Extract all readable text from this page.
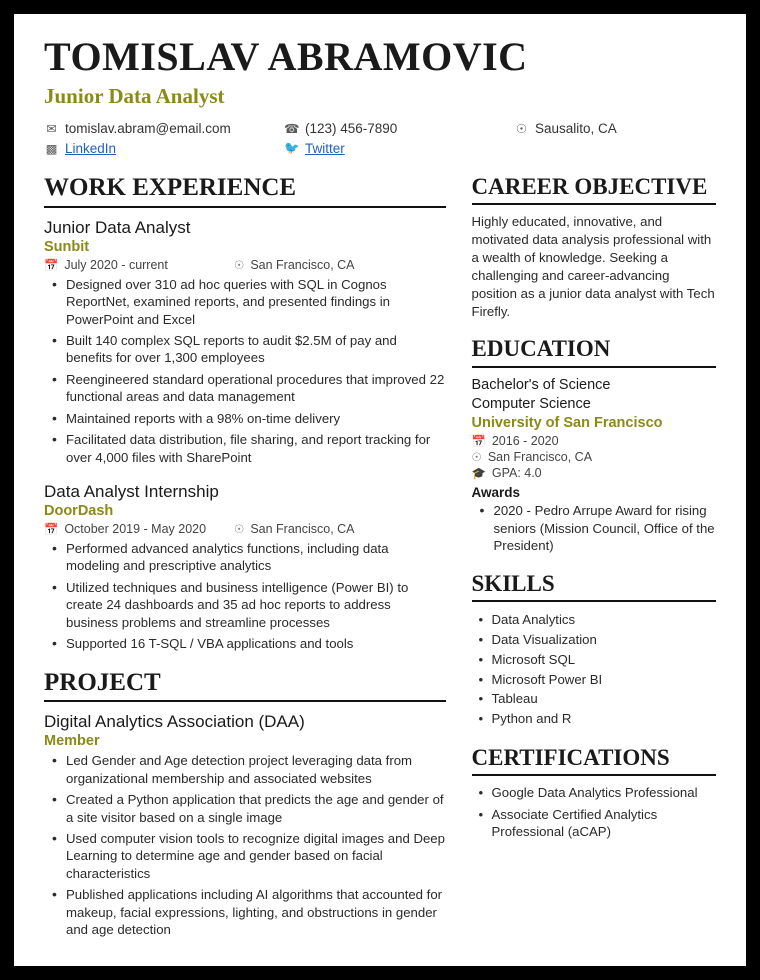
TOMISLAV ABRAMOVIC
Junior Data Analyst
✉ tomislav.abram@email.com	☎ (123) 456-7890	☉ Sausalito, CA
▩ LinkedIn	🐦 Twitter
WORK EXPERIENCE
Junior Data Analyst
Sunbit
📅 July 2020 - current	☉ San Francisco, CA
• Designed over 310 ad hoc queries with SQL in Cognos ReportNet, examined reports, and presented findings in PowerPoint and Excel
• Built 140 complex SQL reports to audit $2.5M of pay and benefits for over 1,300 employees
• Reengineered standard operational procedures that improved 22 functional areas and data management
• Maintained reports with a 98% on-time delivery
• Facilitated data distribution, file sharing, and report tracking for over 4,000 files with SharePoint
Data Analyst Internship
DoorDash
📅 October 2019 - May 2020 ☉ San Francisco, CA
• Performed advanced analytics functions, including data modeling and prescriptive analytics
• Utilized techniques and business intelligence (Power BI) to create 24 dashboards and 35 ad hoc reports to address business problems and streamline processes
• Supported 16 T-SQL / VBA applications and tools
PROJECT
Digital Analytics Association (DAA)
Member
• Led Gender and Age detection project leveraging data from organizational membership and associated websites
• Created a Python application that predicts the age and gender of a site visitor based on a single image
• Used computer vision tools to recognize digital images and Deep Learning to determine age and gender based on facial characteristics
• Published applications including AI algorithms that accounted for makeup, facial expressions, lighting, and obstructions in gender and age detection
CAREER OBJECTIVE
Highly educated, innovative, and motivated data analysis professional with a wealth of knowledge. Seeking a challenging and career-advancing position as a junior data analyst with Tech Firefly.
EDUCATION
Bachelor's of Science
Computer Science
University of San Francisco
📅 2016 - 2020
☉ San Francisco, CA
🎓 GPA: 4.0
Awards
• 2020 - Pedro Arrupe Award for rising seniors (Mission Council, Office of the President)
SKILLS
• Data Analytics
• Data Visualization
• Microsoft SQL
• Microsoft Power BI
• Tableau
• Python and R
CERTIFICATIONS
• Google Data Analytics Professional
• Associate Certified Analytics Professional (aCAP)
